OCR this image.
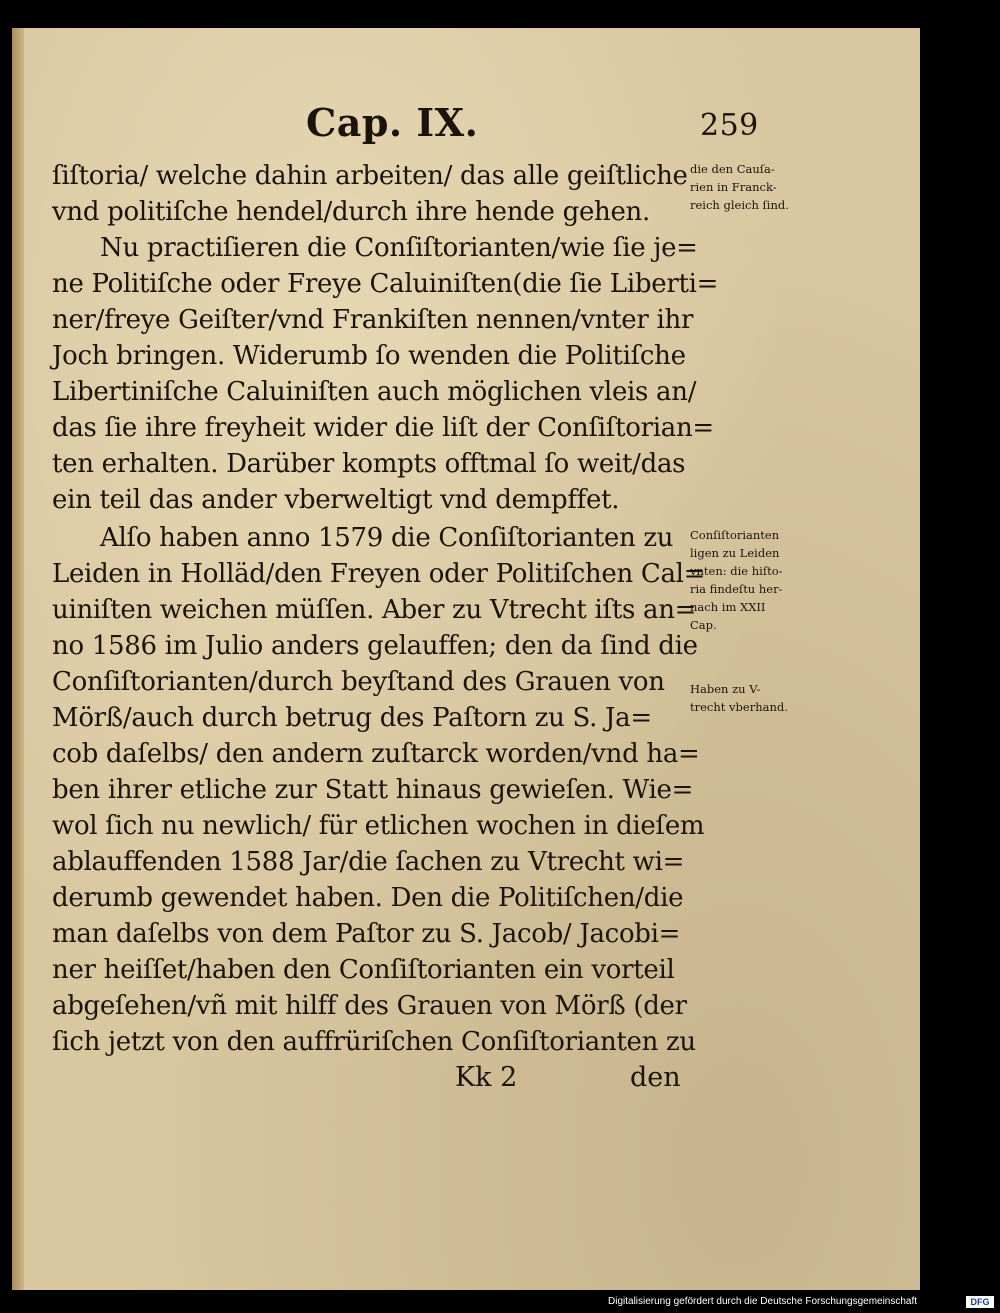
Cap. IX.	259
ſiſtoria/ welche dahin arbeiten/ das alle geiſtliche
vnd politiſche hendel/durch ihre hende gehen.
Nu practiſieren die Conſiſtorianten/wie ſie je=
ne Politiſche oder Freye Caluiniſten(die ſie Liberti=
ner/freye Geiſter/vnd Frankiſten nennen/vnter ihr
Joch bringen. Widerumb ſo wenden die Politiſche
Libertiniſche Caluiniſten auch möglichen vleis an/
das ſie ihre freyheit wider die liſt der Conſiſtorian=
ten erhalten. Darüber kompts offtmal ſo weit/das
ein teil das ander vberweltigt vnd dempffet.
Alſo haben anno 1579 die Conſiſtorianten zu
Leiden in Holläd/den Freyen oder Politiſchen Cal=
uiniſten weichen müſſen. Aber zu Vtrecht iſts an=
no 1586 im Julio anders gelauffen; den da ſind die
Conſiſtorianten/durch beyſtand des Grauen von
Mörß/auch durch betrug des Paſtorn zu S. Ja=
cob daſelbs/ den andern zuſtarck worden/vnd ha=
ben ihrer etliche zur Statt hinaus gewieſen. Wie=
wol ſich nu newlich/ für etlichen wochen in dieſem
ablauffenden 1588 Jar/die ſachen zu Vtrecht wi=
derumb gewendet haben. Den die Politiſchen/die
man daſelbs von dem Paſtor zu S. Jacob/ Jacobi=
ner heiſſet/haben den Conſiſtorianten ein vorteil
abgeſehen/vñ mit hilff des Grauen von Mörß (der
ſich jetzt von den auffrüriſchen Conſiſtorianten zu
die den Cauſa-
rien in Franck-
reich gleich ſind.
Conſiſtorianten
ligen zu Leiden
vnten: die hiſto-
ria findeſtu her-
nach im XXII
Cap.
Haben zu V-
trecht vberhand.
Kk 2	den
Digitalisierung gefördert durch die Deutsche Forschungsgemeinschaft	DFG
